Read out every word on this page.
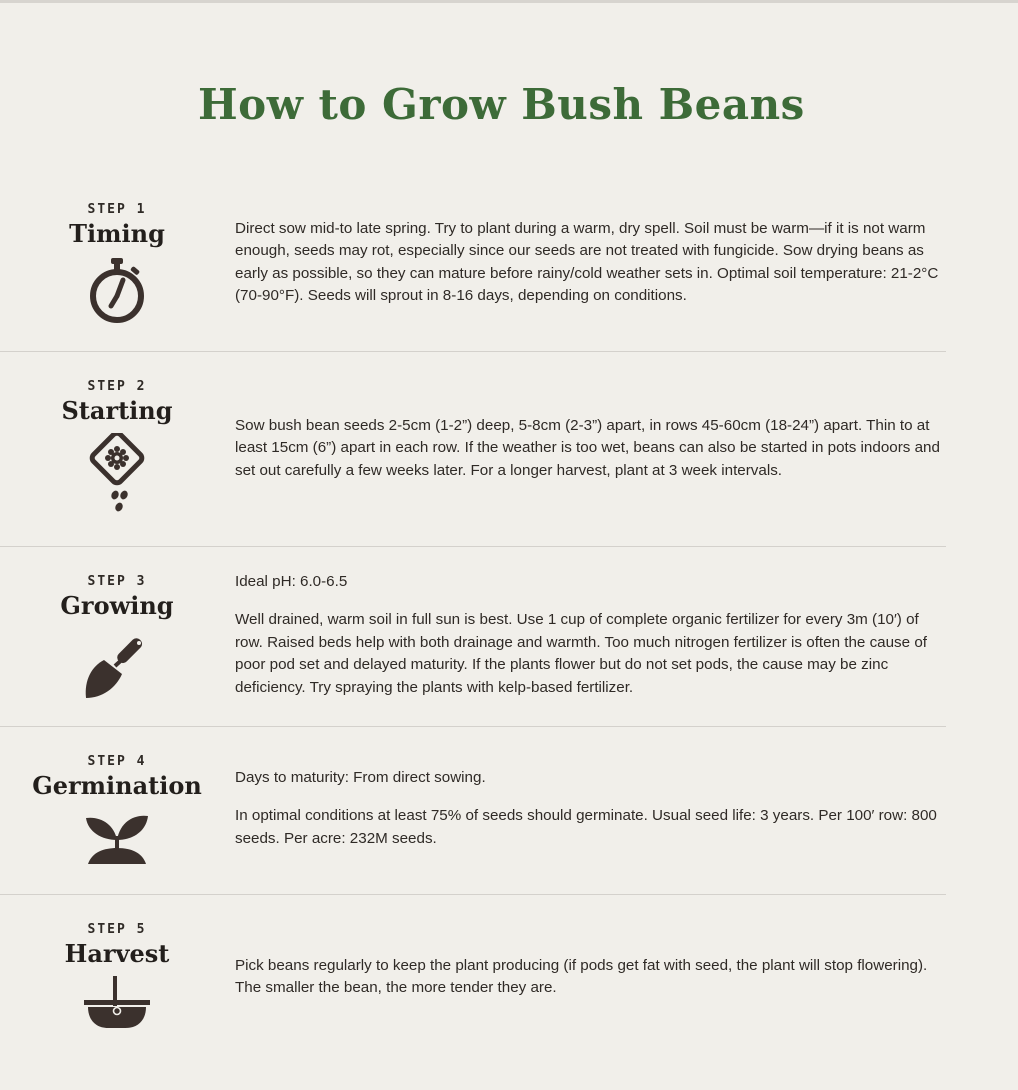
How to Grow Bush Beans
STEP 1
Timing	Direct sow mid-to late spring. Try to plant during a warm, dry spell. Soil must be warm—if it is not warm enough, seeds may rot, especially since our seeds are not treated with fungicide. Sow drying beans as early as possible, so they can mature before rainy/cold weather sets in. Optimal soil temperature: 21-2°C (70-90°F). Seeds will sprout in 8-16 days, depending on conditions.

STEP 2
Starting

Sow bush bean seeds 2-5cm (1-2”) deep, 5-8cm (2-3”) apart, in rows 45-60cm (18-24”) apart. Thin to at least 15cm (6”) apart in each row. If the weather is too wet, beans can also be started in pots indoors and set out carefully a few weeks later. For a longer harvest, plant at 3 week intervals.

STEP 3
Growing

Ideal pH: 6.0-6.5

Well drained, warm soil in full sun is best. Use 1 cup of complete organic fertilizer for every 3m (10′) of row. Raised beds help with both drainage and warmth. Too much nitrogen fertilizer is often the cause of poor pod set and delayed maturity. If the plants flower but do not set pods, the cause may be zinc deficiency. Try spraying the plants with kelp-based fertilizer.

STEP 4
Germination	Days to maturity: From direct sowing.

In optimal conditions at least 75% of seeds should germinate. Usual seed life: 3 years. Per 100′ row: 800 seeds. Per acre: 232M seeds.

STEP 5
Harvest	Pick beans regularly to keep the plant producing (if pods get fat with seed, the plant will stop flowering). The smaller the bean, the more tender they are.
